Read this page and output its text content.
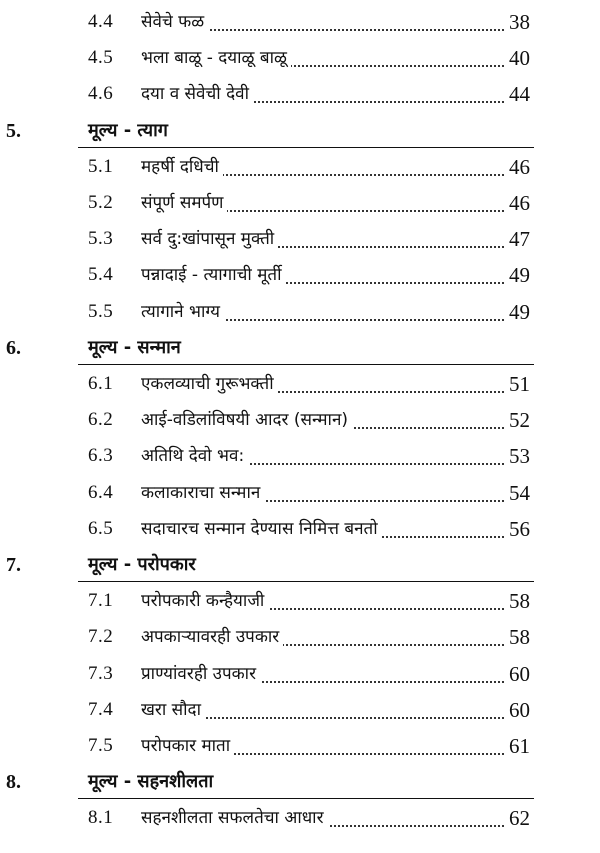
4.4 सेवेचे फळ	38
4.5 भला बाळू - दयाळू बाळू	40
4.6 दया व सेवेची देवी	44
5.	मूल्य - त्याग
5.1 महर्षी दधिची	46
5.2 संपूर्ण समर्पण	46
5.3 सर्व दु:खांपासून मुक्ती	47
5.4 पन्नादाई - त्यागाची मूर्ती	49
5.5 त्यागाने भाग्य	49
6.	मूल्य - सन्मान
6.1 एकलव्याची गुरूभक्ती	51
6.2 आई-वडिलांविषयी आदर (सन्मान)	52
6.3 अतिथि देवो भव:	53
6.4 कलाकाराचा सन्मान	54
6.5 सदाचारच सन्मान देण्यास निमित्त बनतो	56
7.	मूल्य - परोपकार
7.1 परोपकारी कन्हैयाजी	58
7.2 अपकाऱ्यावरही उपकार	58
7.3 प्राण्यांवरही उपकार	60
7.4 खरा सौदा	60
7.5 परोपकार माता	61
8.	मूल्य - सहनशीलता
8.1 सहनशीलता सफलतेचा आधार	62
